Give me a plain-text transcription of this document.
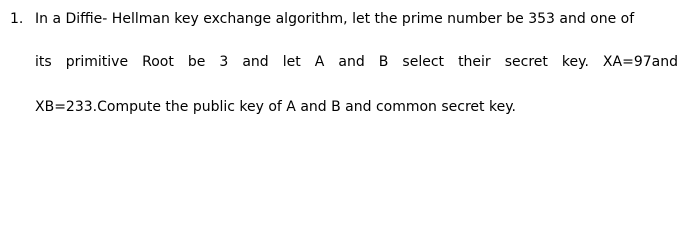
1. In a Diffie- Hellman key exchange algorithm, let the prime number be 353 and one of
its primitive Root be 3 and let A and B select their secret key. XA=97and
XB=233.Compute the public key of A and B and common secret key.
